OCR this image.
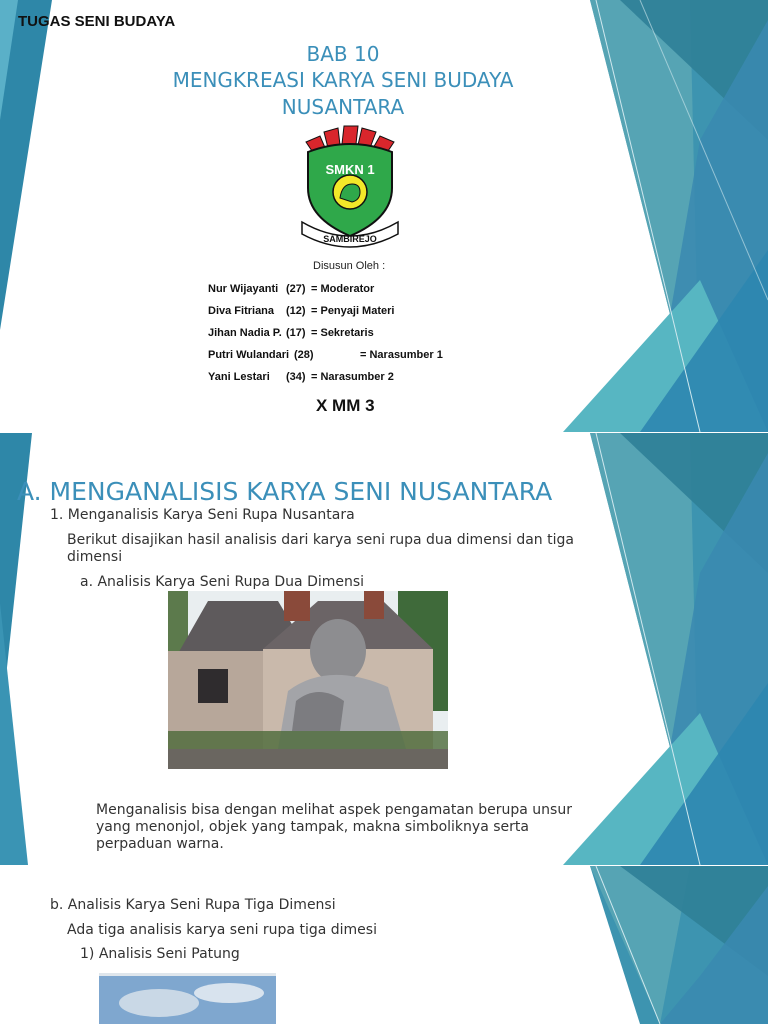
TUGAS SENI BUDAYA
BAB 10
MENGKREASI KARYA SENI BUDAYA
NUSANTARA
SMKN 1
SAMBIREJO
Disusun Oleh :
Nur Wijayanti (27) = Moderator
Diva Fitriana (12) = Penyaji Materi
Jihan Nadia P. (17) = Sekretaris
Putri Wulandari (28)	= Narasumber 1
Yani Lestari (34) = Narasumber 2
X MM 3
A. MENGANALISIS KARYA SENI NUSANTARA
1. Menganalisis Karya Seni Rupa Nusantara
Berikut disajikan hasil analisis dari karya seni rupa dua dimensi dan tiga
dimensi
a. Analisis Karya Seni Rupa Dua Dimensi
Menganalisis bisa dengan melihat aspek pengamatan berupa unsur
yang menonjol, objek yang tampak, makna simboliknya serta
perpaduan warna.
b. Analisis Karya Seni Rupa Tiga Dimensi
Ada tiga analisis karya seni rupa tiga dimesi
1) Analisis Seni Patung
